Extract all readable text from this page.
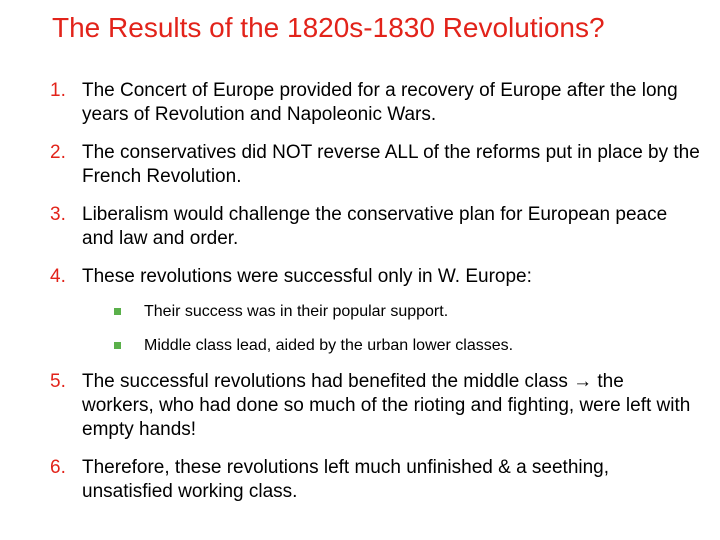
The Results of the 1820s-1830 Revolutions?
1. The Concert of Europe provided for a recovery of Europe after the long years of Revolution and Napoleonic Wars.
2. The conservatives did NOT reverse ALL of the reforms put in place by the French Revolution.
3. Liberalism would challenge the conservative plan for European peace and law and order.
4. These revolutions were successful only in W. Europe:
Their success was in their popular support.
Middle class lead, aided by the urban lower classes.
5. The successful revolutions had benefited the middle class → the workers, who had done so much of the rioting and fighting, were left with empty hands!
6. Therefore, these revolutions left much unfinished & a seething, unsatisfied working class.
